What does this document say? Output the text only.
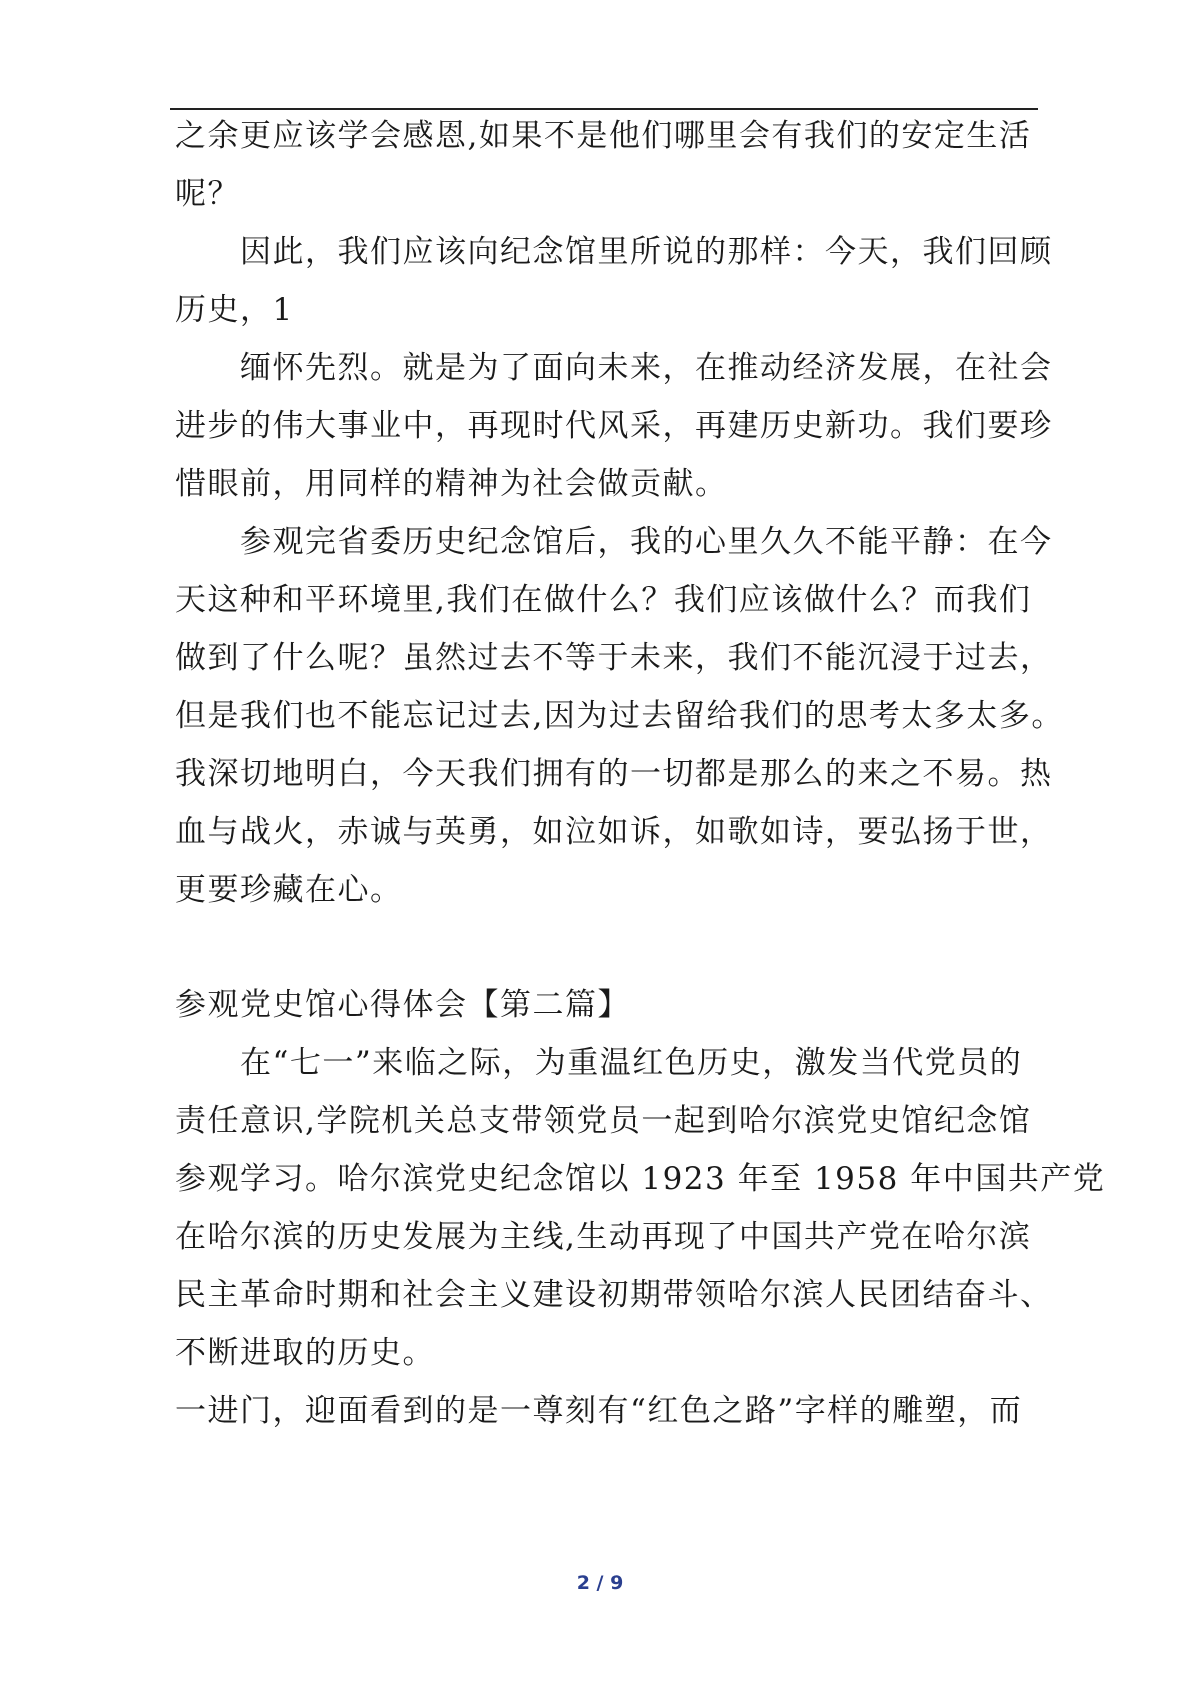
之余更应该学会感恩,如果不是他们哪里会有我们的安定生活
呢？
因此，我们应该向纪念馆里所说的那样：今天，我们回顾
历史，1
缅怀先烈。就是为了面向未来，在推动经济发展，在社会
进步的伟大事业中，再现时代风采，再建历史新功。我们要珍
惜眼前，用同样的精神为社会做贡献。
参观完省委历史纪念馆后，我的心里久久不能平静：在今
天这种和平环境里,我们在做什么？我们应该做什么？而我们
做到了什么呢？虽然过去不等于未来，我们不能沉浸于过去，
但是我们也不能忘记过去,因为过去留给我们的思考太多太多。
我深切地明白，今天我们拥有的一切都是那么的来之不易。热
血与战火，赤诚与英勇，如泣如诉，如歌如诗，要弘扬于世，
更要珍藏在心。
参观党史馆心得体会【第二篇】
在“七一”来临之际，为重温红色历史，激发当代党员的
责任意识,学院机关总支带领党员一起到哈尔滨党史馆纪念馆
参观学习。哈尔滨党史纪念馆以 1923 年至 1958 年中国共产党
在哈尔滨的历史发展为主线,生动再现了中国共产党在哈尔滨
民主革命时期和社会主义建设初期带领哈尔滨人民团结奋斗、
不断进取的历史。
一进门，迎面看到的是一尊刻有“红色之路”字样的雕塑，而
2 / 9
